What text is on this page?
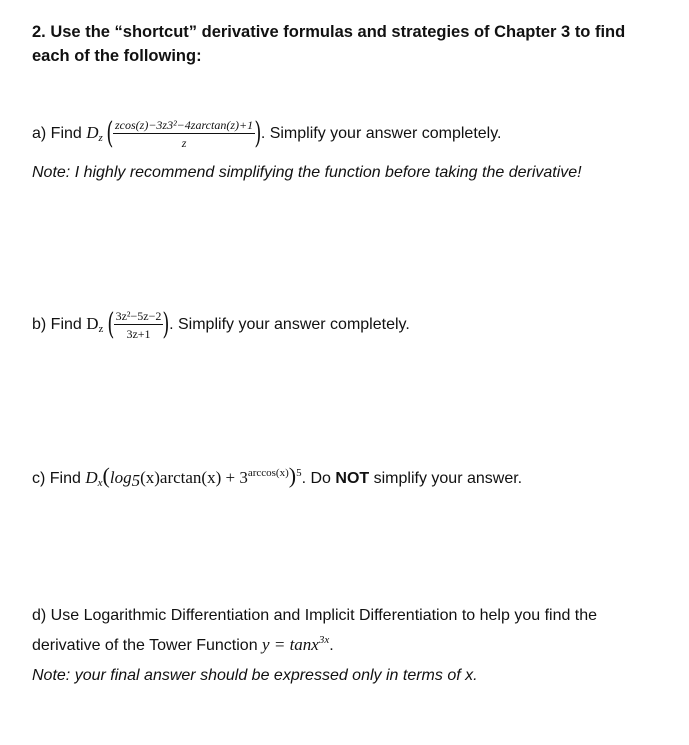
2. Use the “shortcut” derivative formulas and strategies of Chapter 3 to find
each of the following:
a) Find $D_z$ ( $\frac{\text{zcos(z)−3z3²−4zarctan(z)+1}}{z}$ ). Simplify your answer completely.
Note: I highly recommend simplifying the function before taking the derivative!
b) Find $D_z$ ( $\frac{\text{3z²−5z−2}}{3z+1}$ ). Simplify your answer completely.
c) Find $D_x(\log_5(x)\arctan(x) + 3^{arccos(x)})^5$. Do NOT simplify your answer.
d) Use Logarithmic Differentiation and Implicit Differentiation to help you find the
derivative of the Tower Function y = tanx$^{3x}$.
Note: your final answer should be expressed only in terms of x.
